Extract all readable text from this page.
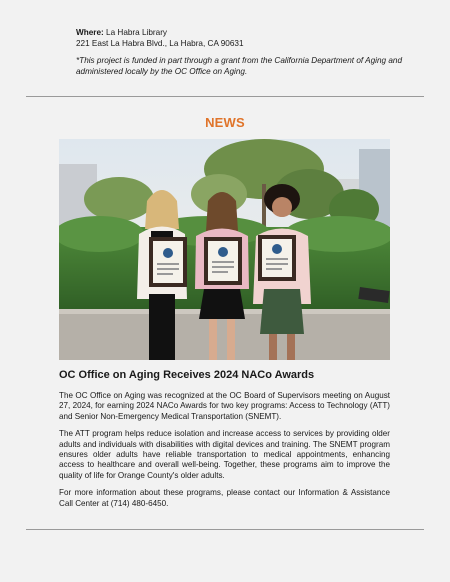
Where: La Habra Library
221 East La Habra Blvd., La Habra, CA 90631
*This project is funded in part through a grant from the California Department of Aging and administered locally by the OC Office on Aging.
NEWS
OC Office on Aging Receives 2024 NACo Awards

The OC Office on Aging was recognized at the OC Board of Supervisors meeting on August 27, 2024, for earning 2024 NACo Awards for two key programs: Access to Technology (ATT) and Senior Non-Emergency Medical Transportation (SNEMT).

The ATT program helps reduce isolation and increase access to services by providing older adults and individuals with disabilities with digital devices and training. The SNEMT program ensures older adults have reliable transportation to medical appointments, enhancing access to healthcare and overall well-being. Together, these programs aim to improve the quality of life for Orange County's older adults.

For more information about these programs, please contact our Information & Assistance Call Center at (714) 480-6450.
